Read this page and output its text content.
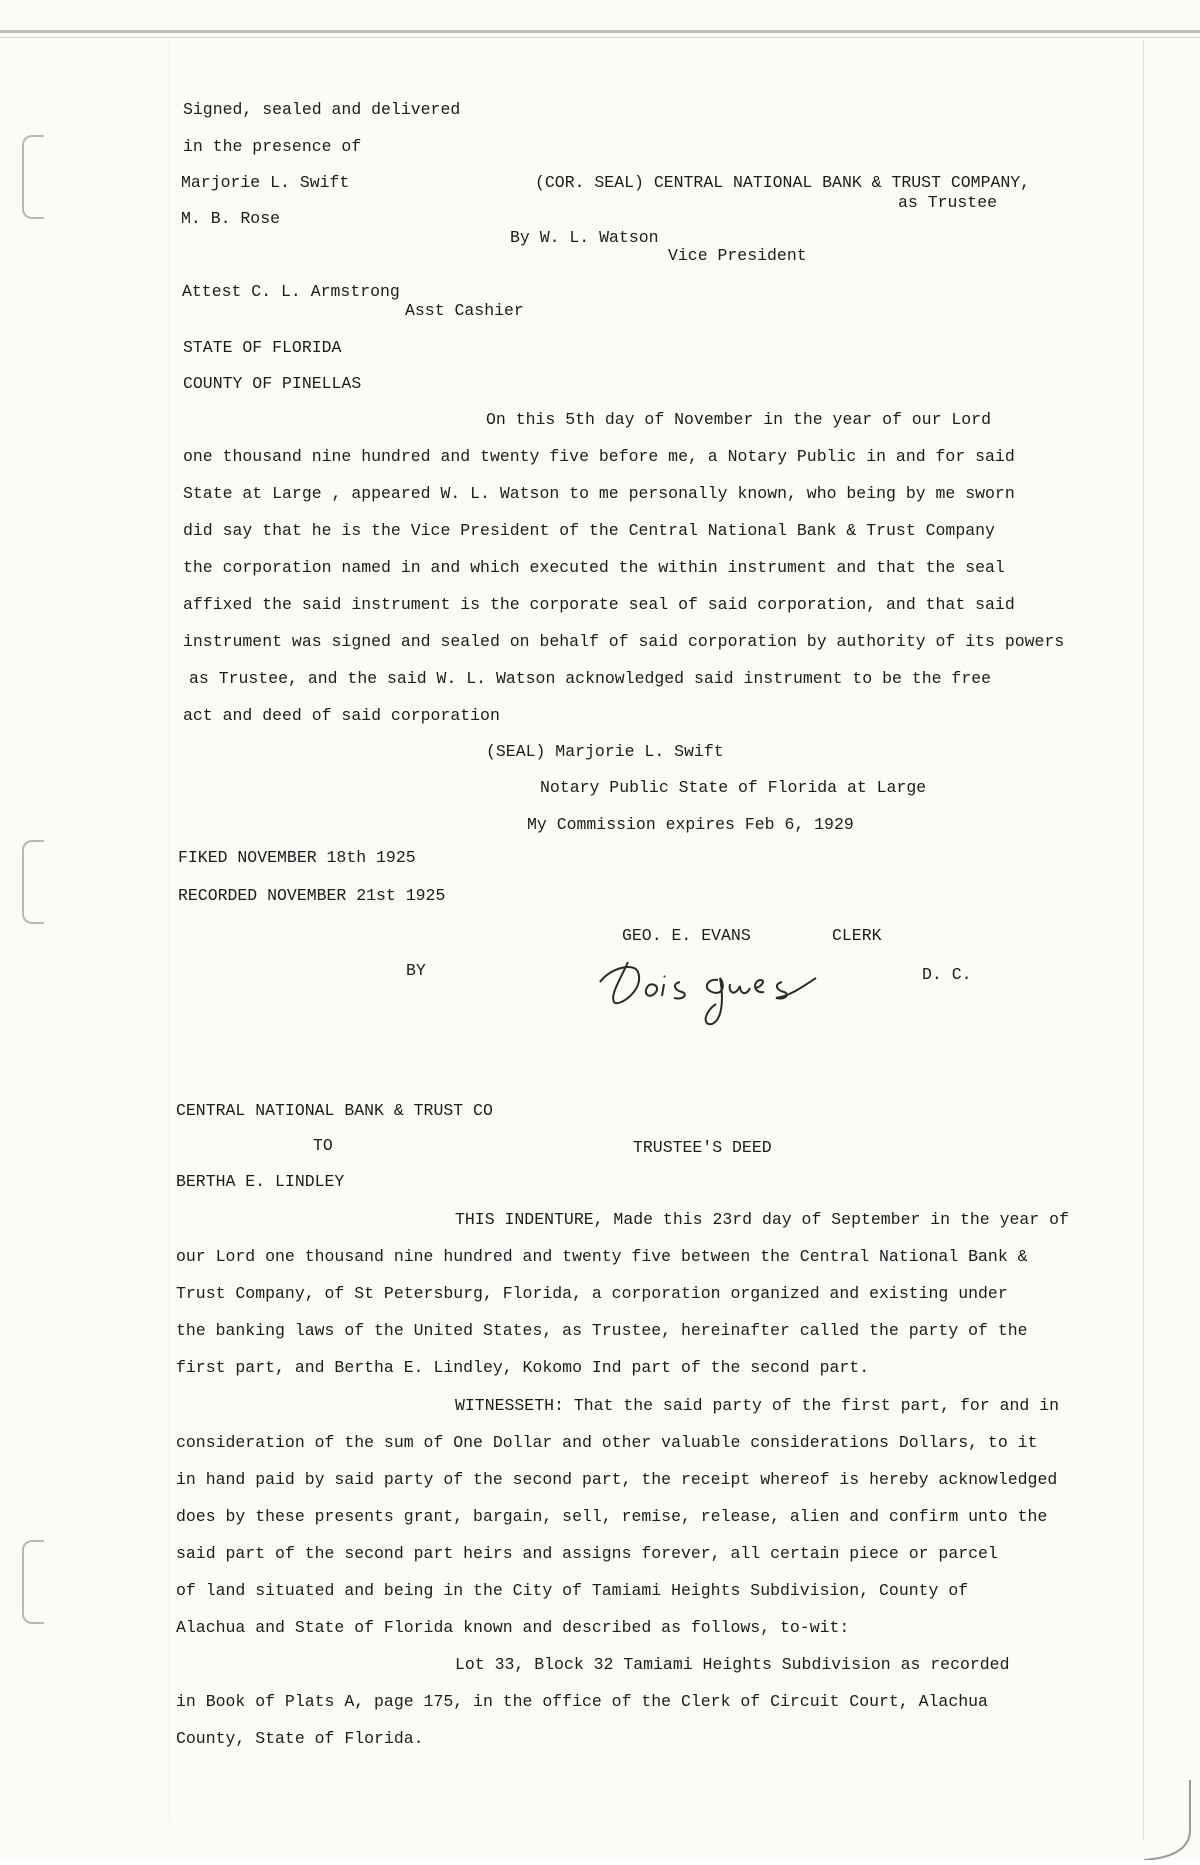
Signed, sealed and delivered
in the presence of
Marjorie L. Swift
M. B. Rose
(COR. SEAL) CENTRAL NATIONAL BANK & TRUST COMPANY,
as Trustee
By W. L. Watson
Vice President
Attest C. L. Armstrong
Asst Cashier
STATE OF FLORIDA
COUNTY OF PINELLAS
On this 5th day of November in the year of our Lord
one thousand nine hundred and twenty five before me, a Notary Public in and for said
State at Large , appeared W. L. Watson to me personally known, who being by me sworn
did say that he is the Vice President of the Central National Bank & Trust Company
the corporation named in and which executed the within instrument and that the seal
affixed the said instrument is the corporate seal of said corporation, and that said
instrument was signed and sealed on behalf of said corporation by authority of its powers
as Trustee, and the said W. L. Watson acknowledged said instrument to be the free
act and deed of said corporation
(SEAL) Marjorie L. Swift
Notary Public State of Florida at Large
My Commission expires Feb 6, 1929
FIKED NOVEMBER 18th 1925
RECORDED NOVEMBER 21st 1925
GEO. E. EVANS	CLERK
BY	D. C.
CENTRAL NATIONAL BANK & TRUST CO
TO	TRUSTEE'S DEED
BERTHA E. LINDLEY
THIS INDENTURE, Made this 23rd day of September in the year of
our Lord one thousand nine hundred and twenty five between the Central National Bank &
Trust Company, of St Petersburg, Florida, a corporation organized and existing under
the banking laws of the United States, as Trustee, hereinafter called the party of the
first part, and Bertha E. Lindley, Kokomo Ind part of the second part.
WITNESSETH: That the said party of the first part, for and in
consideration of the sum of One Dollar and other valuable considerations Dollars, to it
in hand paid by said party of the second part, the receipt whereof is hereby acknowledged
does by these presents grant, bargain, sell, remise, release, alien and confirm unto the
said part of the second part heirs and assigns forever, all certain piece or parcel
of land situated and being in the City of Tamiami Heights Subdivision, County of
Alachua and State of Florida known and described as follows, to-wit:
Lot 33, Block 32 Tamiami Heights Subdivision as recorded
in Book of Plats A, page 175, in the office of the Clerk of Circuit Court, Alachua
County, State of Florida.
